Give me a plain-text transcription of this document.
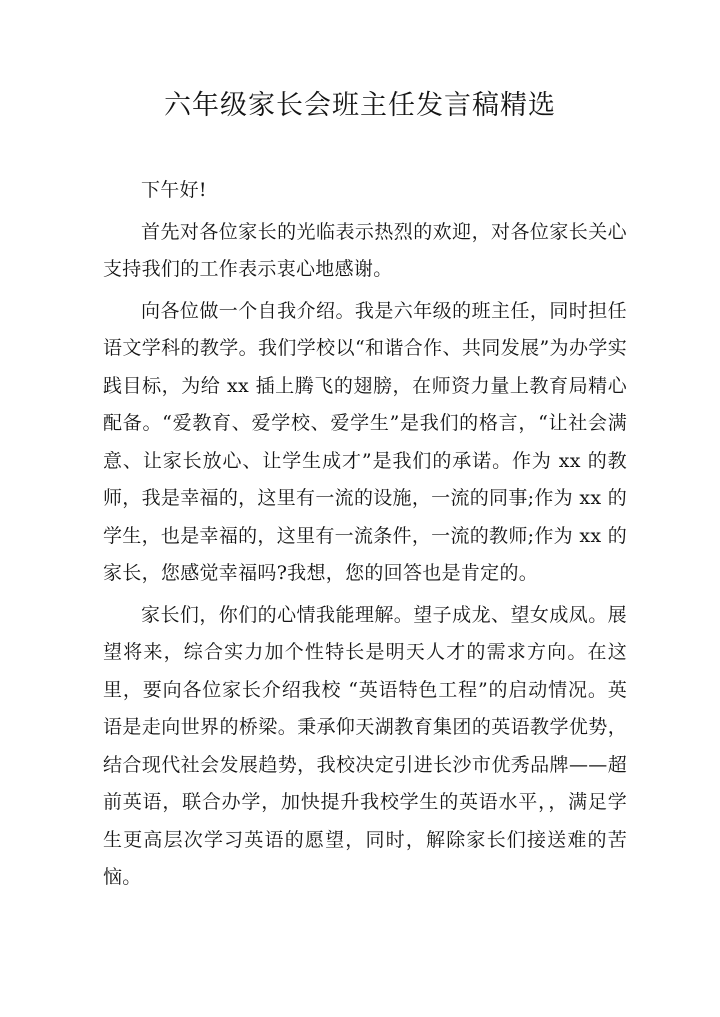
六年级家长会班主任发言稿精选

下午好!

首先对各位家长的光临表示热烈的欢迎，对各位家长关心支持我们的工作表示衷心地感谢。

向各位做一个自我介绍。我是六年级的班主任，同时担任语文学科的教学。我们学校以“和谐合作、共同发展”为办学实践目标，为给 xx 插上腾飞的翅膀，在师资力量上教育局精心配备。“爱教育、爱学校、爱学生”是我们的格言，“让社会满意、让家长放心、让学生成才”是我们的承诺。作为 xx 的教师，我是幸福的，这里有一流的设施，一流的同事;作为 xx 的学生，也是幸福的，这里有一流条件，一流的教师;作为 xx 的家长，您感觉幸福吗?我想，您的回答也是肯定的。

家长们，你们的心情我能理解。望子成龙、望女成凤。展望将来，综合实力加个性特长是明天人才的需求方向。在这里，要向各位家长介绍我校 “英语特色工程”的启动情况。英语是走向世界的桥梁。秉承仰天湖教育集团的英语教学优势，结合现代社会发展趋势，我校决定引进长沙市优秀品牌——超前英语，联合办学，加快提升我校学生的英语水平，，满足学生更高层次学习英语的愿望，同时，解除家长们接送难的苦恼。
